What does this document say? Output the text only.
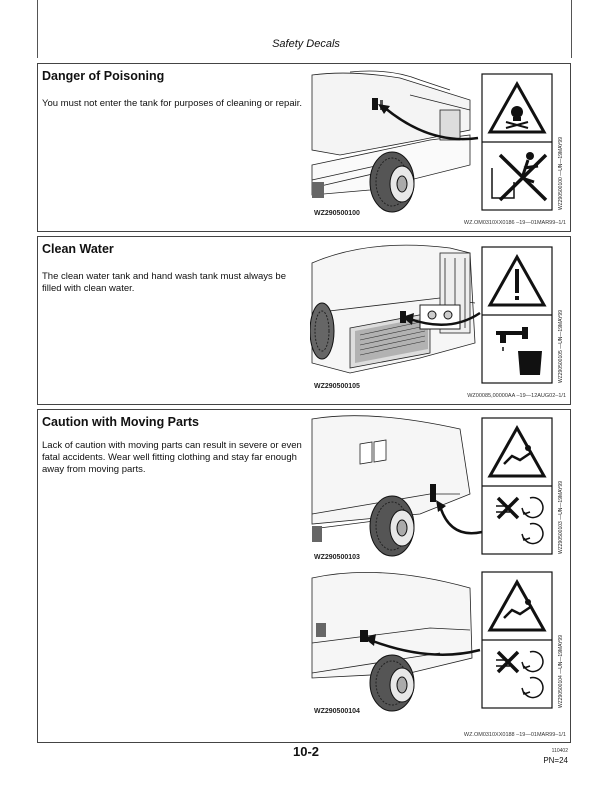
Safety Decals
Danger of Poisoning
You must not enter the tank for purposes of cleaning or repair.
WZ290500100
WZ290500100 —UN—19MAY99
WZ.OM0310XX0186 –19—01MAR99–1/1
Clean Water
The clean water tank and hand wash tank must always be filled with clean water.
WZ290500105
WZ290500105 —UN—19MAY99
WZ00085,00000AA –19—12AUG02–1/1
Caution with Moving Parts
Lack of caution with moving parts can result in severe or even fatal accidents. Wear well fitting clothing and stay far enough away from moving parts.
WZ290500103
WZ290500103 —UN—19MAY99
WZ290500104
WZ290500104 —UN—19MAY99
WZ.OM0310XX0188 –19—01MAR99–1/1
10-2	110402
PN=24
